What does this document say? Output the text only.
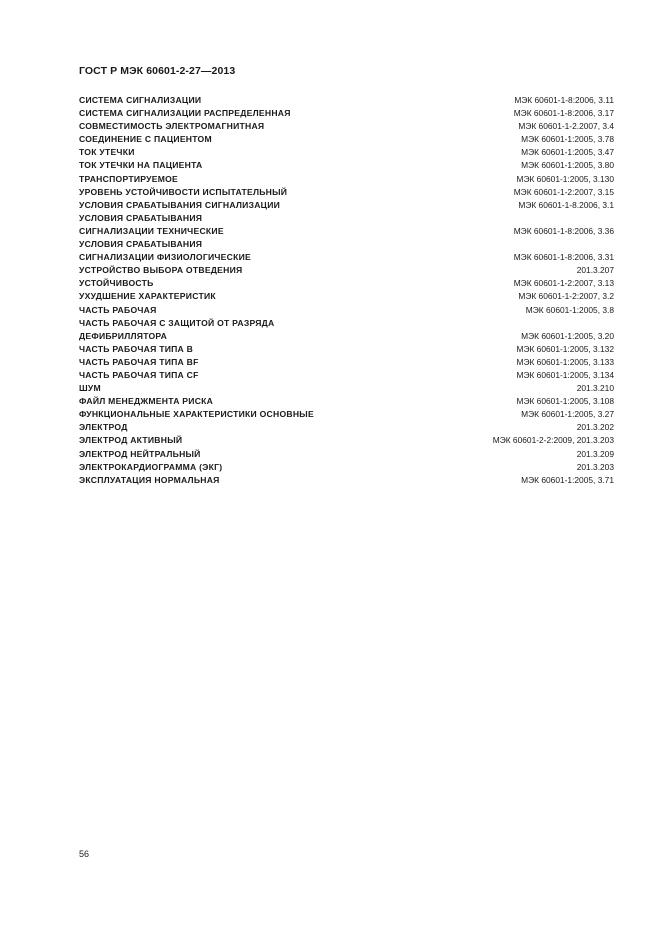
ГОСТ Р МЭК 60601-2-27—2013
СИСТЕМА СИГНАЛИЗАЦИИ	МЭК 60601-1-8:2006, 3.11
СИСТЕМА СИГНАЛИЗАЦИИ РАСПРЕДЕЛЕННАЯ	МЭК 60601-1-8:2006, 3.17
СОВМЕСТИМОСТЬ ЭЛЕКТРОМАГНИТНАЯ	МЭК 60601-1-2.2007, 3.4
СОЕДИНЕНИЕ С ПАЦИЕНТОМ	МЭК 60601-1:2005, 3.78
ТОК УТЕЧКИ	МЭК 60601-1:2005, 3.47
ТОК УТЕЧКИ НА ПАЦИЕНТА	МЭК 60601-1:2005, 3.80
ТРАНСПОРТИРУЕМОЕ	МЭК 60601-1:2005, 3.130
УРОВЕНЬ УСТОЙЧИВОСТИ ИСПЫТАТЕЛЬНЫЙ	МЭК 60601-1-2:2007, 3.15
УСЛОВИЯ СРАБАТЫВАНИЯ СИГНАЛИЗАЦИИ	МЭК 60601-1-8.2006, 3.1
УСЛОВИЯ СРАБАТЫВАНИЯ
СИГНАЛИЗАЦИИ ТЕХНИЧЕСКИЕ	МЭК 60601-1-8:2006, 3.36
УСЛОВИЯ СРАБАТЫВАНИЯ
СИГНАЛИЗАЦИИ ФИЗИОЛОГИЧЕСКИЕ	МЭК 60601-1-8:2006, 3.31
УСТРОЙСТВО ВЫБОРА ОТВЕДЕНИЯ	201.3.207
УСТОЙЧИВОСТЬ	МЭК 60601-1-2:2007, 3.13
УХУДШЕНИЕ ХАРАКТЕРИСТИК	МЭК 60601-1-2:2007, 3.2
ЧАСТЬ РАБОЧАЯ	МЭК 60601-1:2005, 3.8
ЧАСТЬ РАБОЧАЯ С ЗАЩИТОЙ ОТ РАЗРЯДА
ДЕФИБРИЛЛЯТОРА	МЭК 60601-1:2005, 3.20
ЧАСТЬ РАБОЧАЯ ТИПА В	МЭК 60601-1:2005, 3.132
ЧАСТЬ РАБОЧАЯ ТИПА BF	МЭК 60601-1:2005, 3.133
ЧАСТЬ РАБОЧАЯ ТИПА CF	МЭК 60601-1:2005, 3.134
ШУМ	201.3.210
ФАЙЛ МЕНЕДЖМЕНТА РИСКА	МЭК 60601-1:2005, 3.108
ФУНКЦИОНАЛЬНЫЕ ХАРАКТЕРИСТИКИ ОСНОВНЫЕ	МЭК 60601-1:2005, 3.27
ЭЛЕКТРОД	201.3.202
ЭЛЕКТРОД АКТИВНЫЙ	МЭК 60601-2-2:2009, 201.3.203
ЭЛЕКТРОД НЕЙТРАЛЬНЫЙ	201.3.209
ЭЛЕКТРОКАРДИОГРАММА (ЭКГ)	201.3.203
ЭКСПЛУАТАЦИЯ НОРМАЛЬНАЯ	МЭК 60601-1:2005, 3.71
56
